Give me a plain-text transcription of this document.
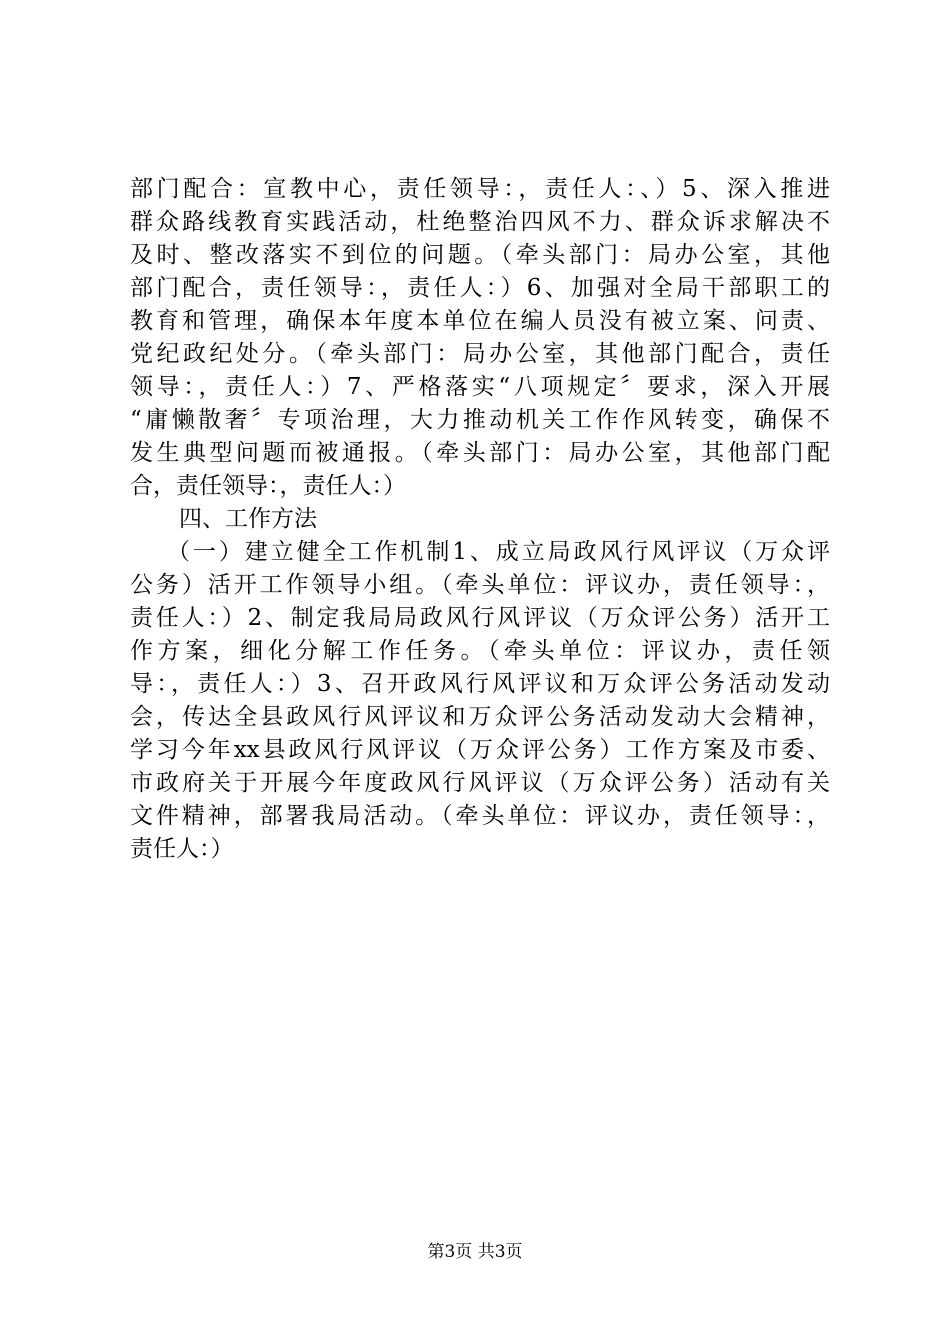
部门配合：宣教中心，责任领导：，责任人：、）5、深入推进
群众路线教育实践活动，杜绝整治四风不力、群众诉求解决不
及时、整改落实不到位的问题。（牵头部门：局办公室，其他
部门配合，责任领导：，责任人：）6、加强对全局干部职工的
教育和管理，确保本年度本单位在编人员没有被立案、问责、
党纪政纪处分。（牵头部门：局办公室，其他部门配合，责任
领导：，责任人：）7、严格落实“八项规定〞要求，深入开展
“庸懒散奢〞专项治理，大力推动机关工作作风转变，确保不
发生典型问题而被通报。（牵头部门：局办公室，其他部门配
合，责任领导：，责任人：）
四、工作方法
（一）建立健全工作机制1、成立局政风行风评议（万众评
公务）活开工作领导小组。（牵头单位：评议办，责任领导：，
责任人：）2、制定我局局政风行风评议（万众评公务）活开工
作方案，细化分解工作任务。（牵头单位：评议办，责任领
导：，责任人：）3、召开政风行风评议和万众评公务活动发动
会，传达全县政风行风评议和万众评公务活动发动大会精神，
学习今年xx县政风行风评议（万众评公务）工作方案及市委、
市政府关于开展今年度政风行风评议（万众评公务）活动有关
文件精神，部署我局活动。（牵头单位：评议办，责任领导：，
责任人：）
第3页 共3页
